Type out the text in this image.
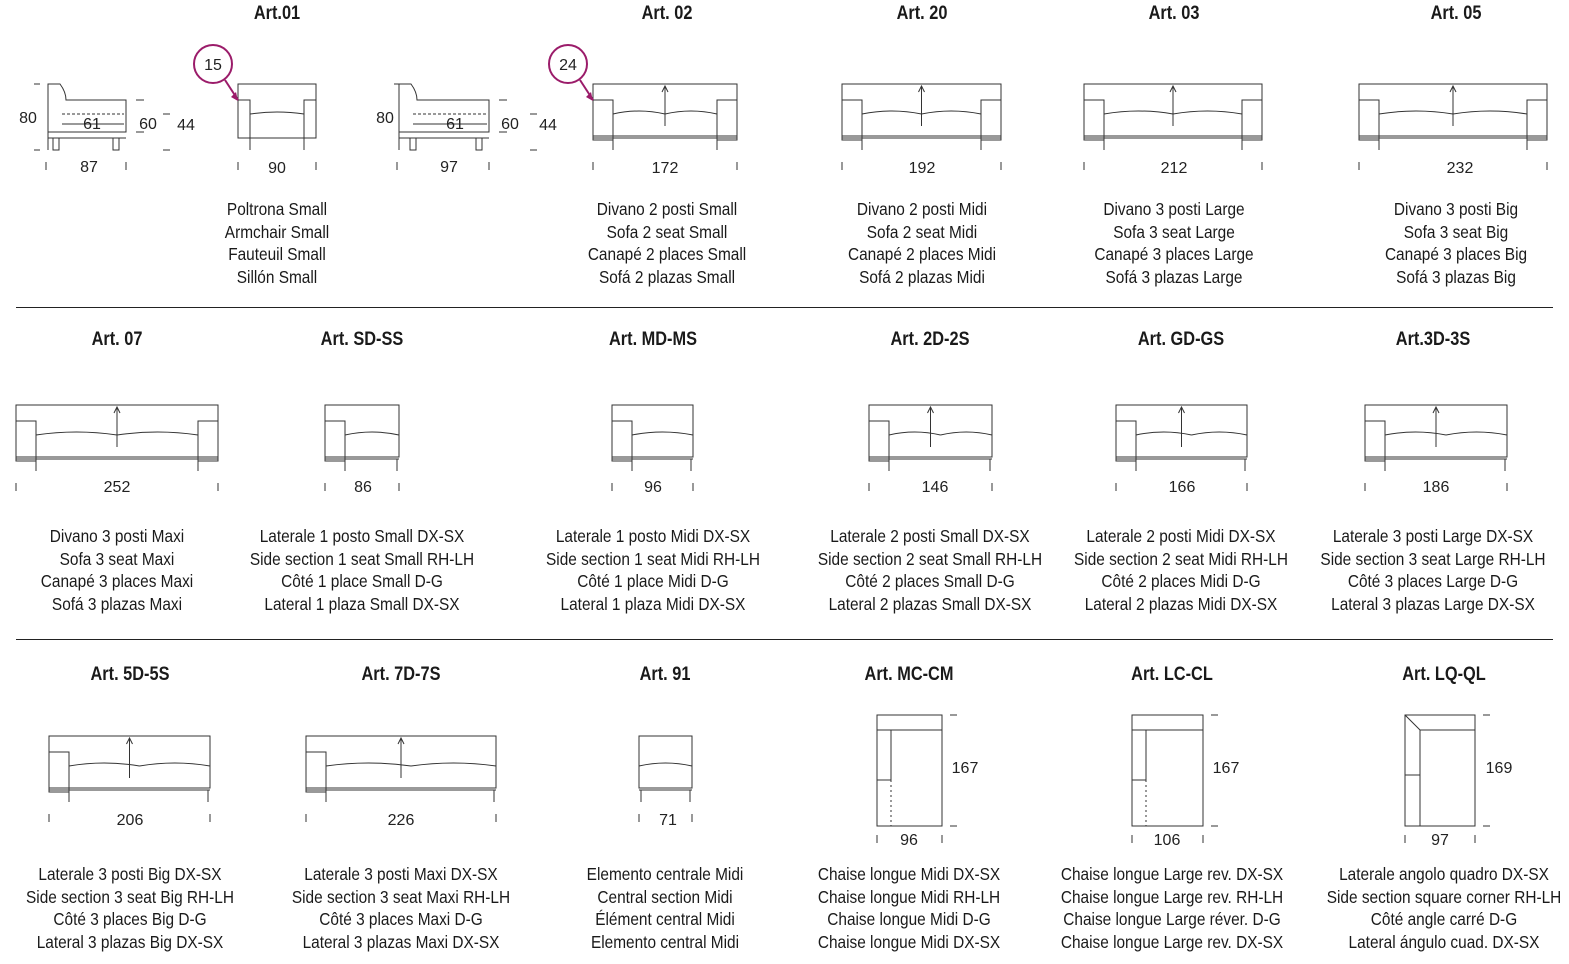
Art.01
Poltrona Small
Armchair Small
Fauteuil Small
Sillón Small
Art. 02
Divano 2 posti Small
Sofa 2 seat Small
Canapé 2 places Small
Sofá 2 plazas Small
Art. 20
Divano 2 posti Midi
Sofa 2 seat Midi
Canapé 2 places Midi
Sofá 2 plazas Midi
Art. 03
Divano 3 posti Large
Sofa 3 seat Large
Canapé 3 places Large
Sofá 3 plazas Large
Art. 05
Divano 3 posti Big
Sofa 3 seat Big
Canapé 3 places Big
Sofá 3 plazas Big
Art. 07
Divano 3 posti Maxi
Sofa 3 seat Maxi
Canapé 3 places Maxi
Sofá 3 plazas Maxi
Art. SD-SS
Laterale 1 posto Small DX-SX
Side section 1 seat Small RH-LH
Côté 1 place Small D-G
Lateral 1 plaza Small DX-SX
Art. MD-MS
Laterale 1 posto Midi DX-SX
Side section 1 seat Midi RH-LH
Côté 1 place Midi D-G
Lateral 1 plaza Midi DX-SX
Art. 2D-2S
Laterale 2 posti Small DX-SX
Side section 2 seat Small RH-LH
Côté 2 places Small D-G
Lateral 2 plazas Small DX-SX
Art. GD-GS
Laterale 2 posti Midi DX-SX
Side section 2 seat Midi RH-LH
Côté 2 places Midi D-G
Lateral 2 plazas Midi DX-SX
Art.3D-3S
Laterale 3 posti Large DX-SX
Side section 3 seat Large RH-LH
Côté 3 places Large D-G
Lateral 3 plazas Large DX-SX
Art. 5D-5S
Laterale 3 posti Big DX-SX
Side section 3 seat Big RH-LH
Côté 3 places Big D-G
Lateral 3 plazas Big DX-SX
Art. 7D-7S
Laterale 3 posti Maxi DX-SX
Side section 3 seat Maxi RH-LH
Côté 3 places Maxi D-G
Lateral 3 plazas Maxi DX-SX
Art. 91
Elemento centrale Midi
Central section Midi
Élément central Midi
Elemento central Midi
Art. MC-CM
Chaise longue Midi DX-SX
Chaise longue Midi RH-LH
Chaise longue Midi D-G
Chaise longue Midi DX-SX
Art. LC-CL
Chaise longue Large rev. DX-SX
Chaise longue Large rev. RH-LH
Chaise longue Large réver. D-G
Chaise longue Large rev. DX-SX
Art. LQ-QL
Laterale angolo quadro DX-SX
Side section square corner RH-LH
Côté angle carré D-G
Lateral ángulo cuad. DX-SX
15	24
80	61 60 44
87	90
80	61 60 44
97	172	192	212	232
252	86	96	146	166	186
206	226	71
96
167
106
167
97
169
